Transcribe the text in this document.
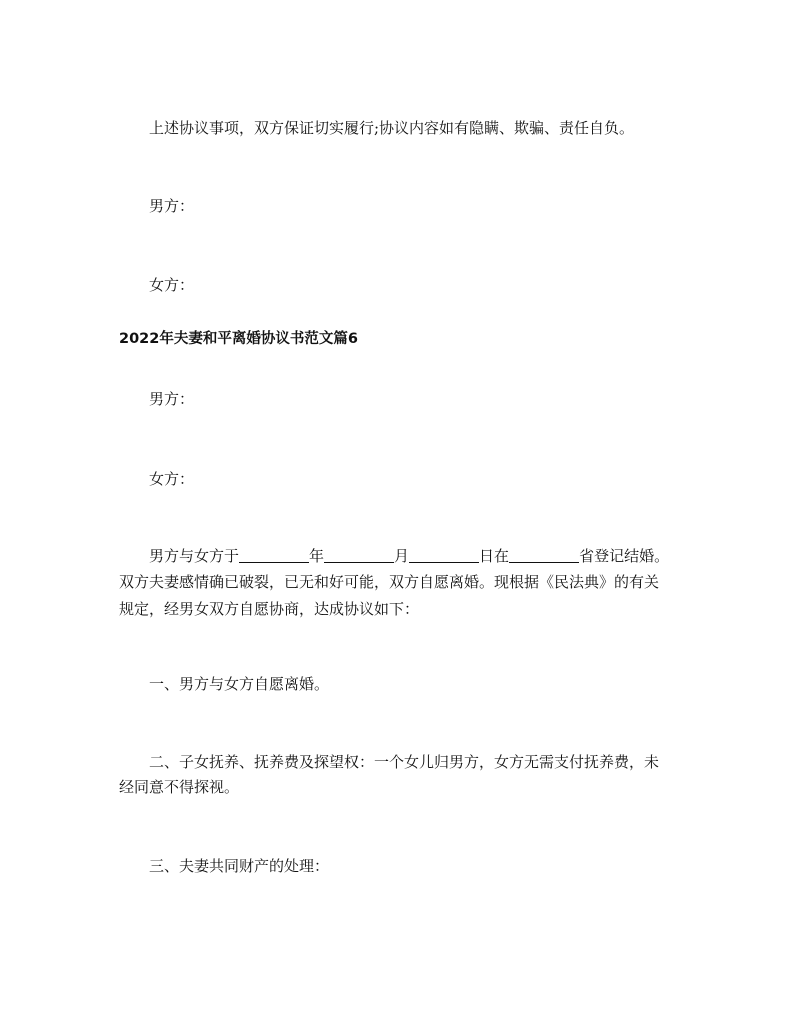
上述协议事项，双方保证切实履行;协议内容如有隐瞒、欺骗、责任自负。
男方：
女方：
2022年夫妻和平离婚协议书范文篇6
男方：
女方：
男方与女方于	年	月	日在	省登记结婚。
双方夫妻感情确已破裂，已无和好可能，双方自愿离婚。现根据《民法典》的有关
规定，经男女双方自愿协商，达成协议如下：
一、男方与女方自愿离婚。
二、子女抚养、抚养费及探望权：一个女儿归男方，女方无需支付抚养费，未
经同意不得探视。
三、夫妻共同财产的处理：
